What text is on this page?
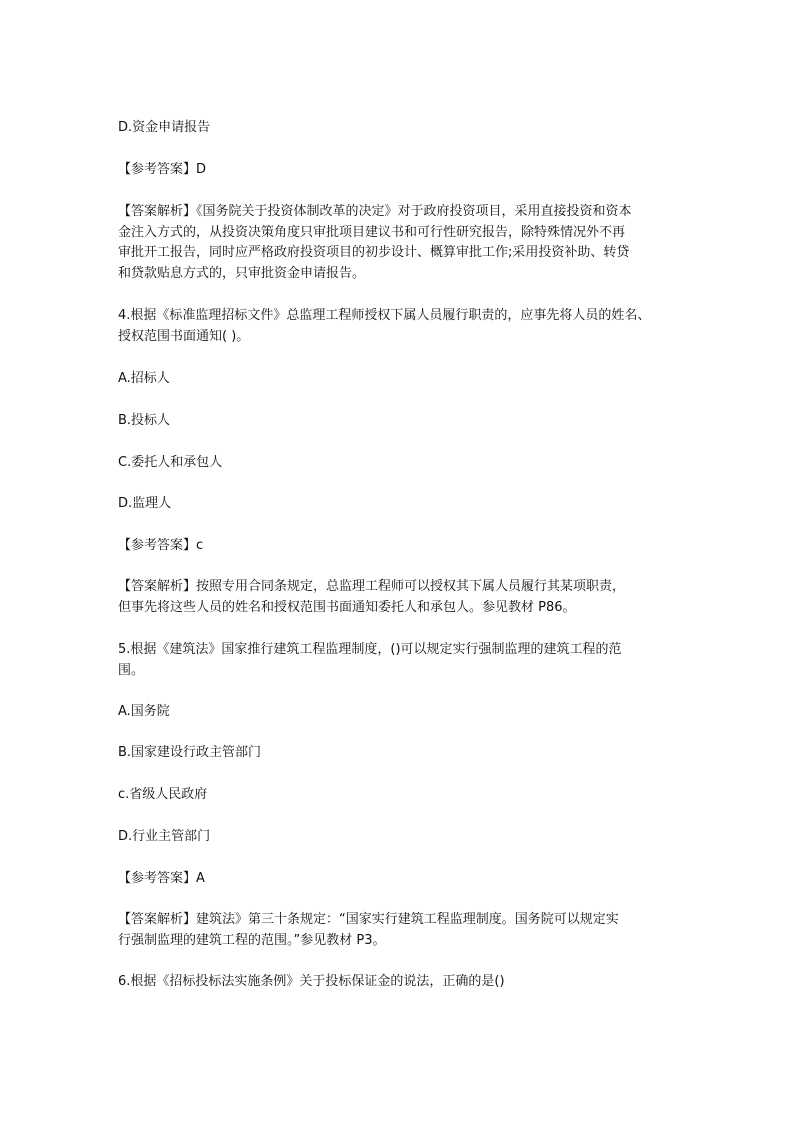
D.资金申请报告
【参考答案】D
【答案解析】《国务院关于投资体制改革的决定》对于政府投资项目，采用直接投资和资本
金注入方式的，从投资决策角度只审批项目建议书和可行性研究报告，除特殊情况外不再
审批开工报告，同时应严格政府投资项目的初步设计、概算审批工作;采用投资补助、转贷
和贷款贴息方式的，只审批资金申请报告。
4.根据《标准监理招标文件》总监理工程师授权下属人员履行职责的，应事先将人员的姓名、
授权范围书面通知( )。
A.招标人
B.投标人
C.委托人和承包人
D.监理人
【参考答案】c
【答案解析】按照专用合同条规定，总监理工程师可以授权其下属人员履行其某项职责，
但事先将这些人员的姓名和授权范围书面通知委托人和承包人。参见教材 P86。
5.根据《建筑法》国家推行建筑工程监理制度，()可以规定实行强制监理的建筑工程的范
围。
A.国务院
B.国家建设行政主管部门
c.省级人民政府
D.行业主管部门
【参考答案】A
【答案解析】建筑法》第三十条规定：“国家实行建筑工程监理制度。国务院可以规定实
行强制监理的建筑工程的范围。”参见教材 P3。
6.根据《招标投标法实施条例》关于投标保证金的说法，正确的是()
